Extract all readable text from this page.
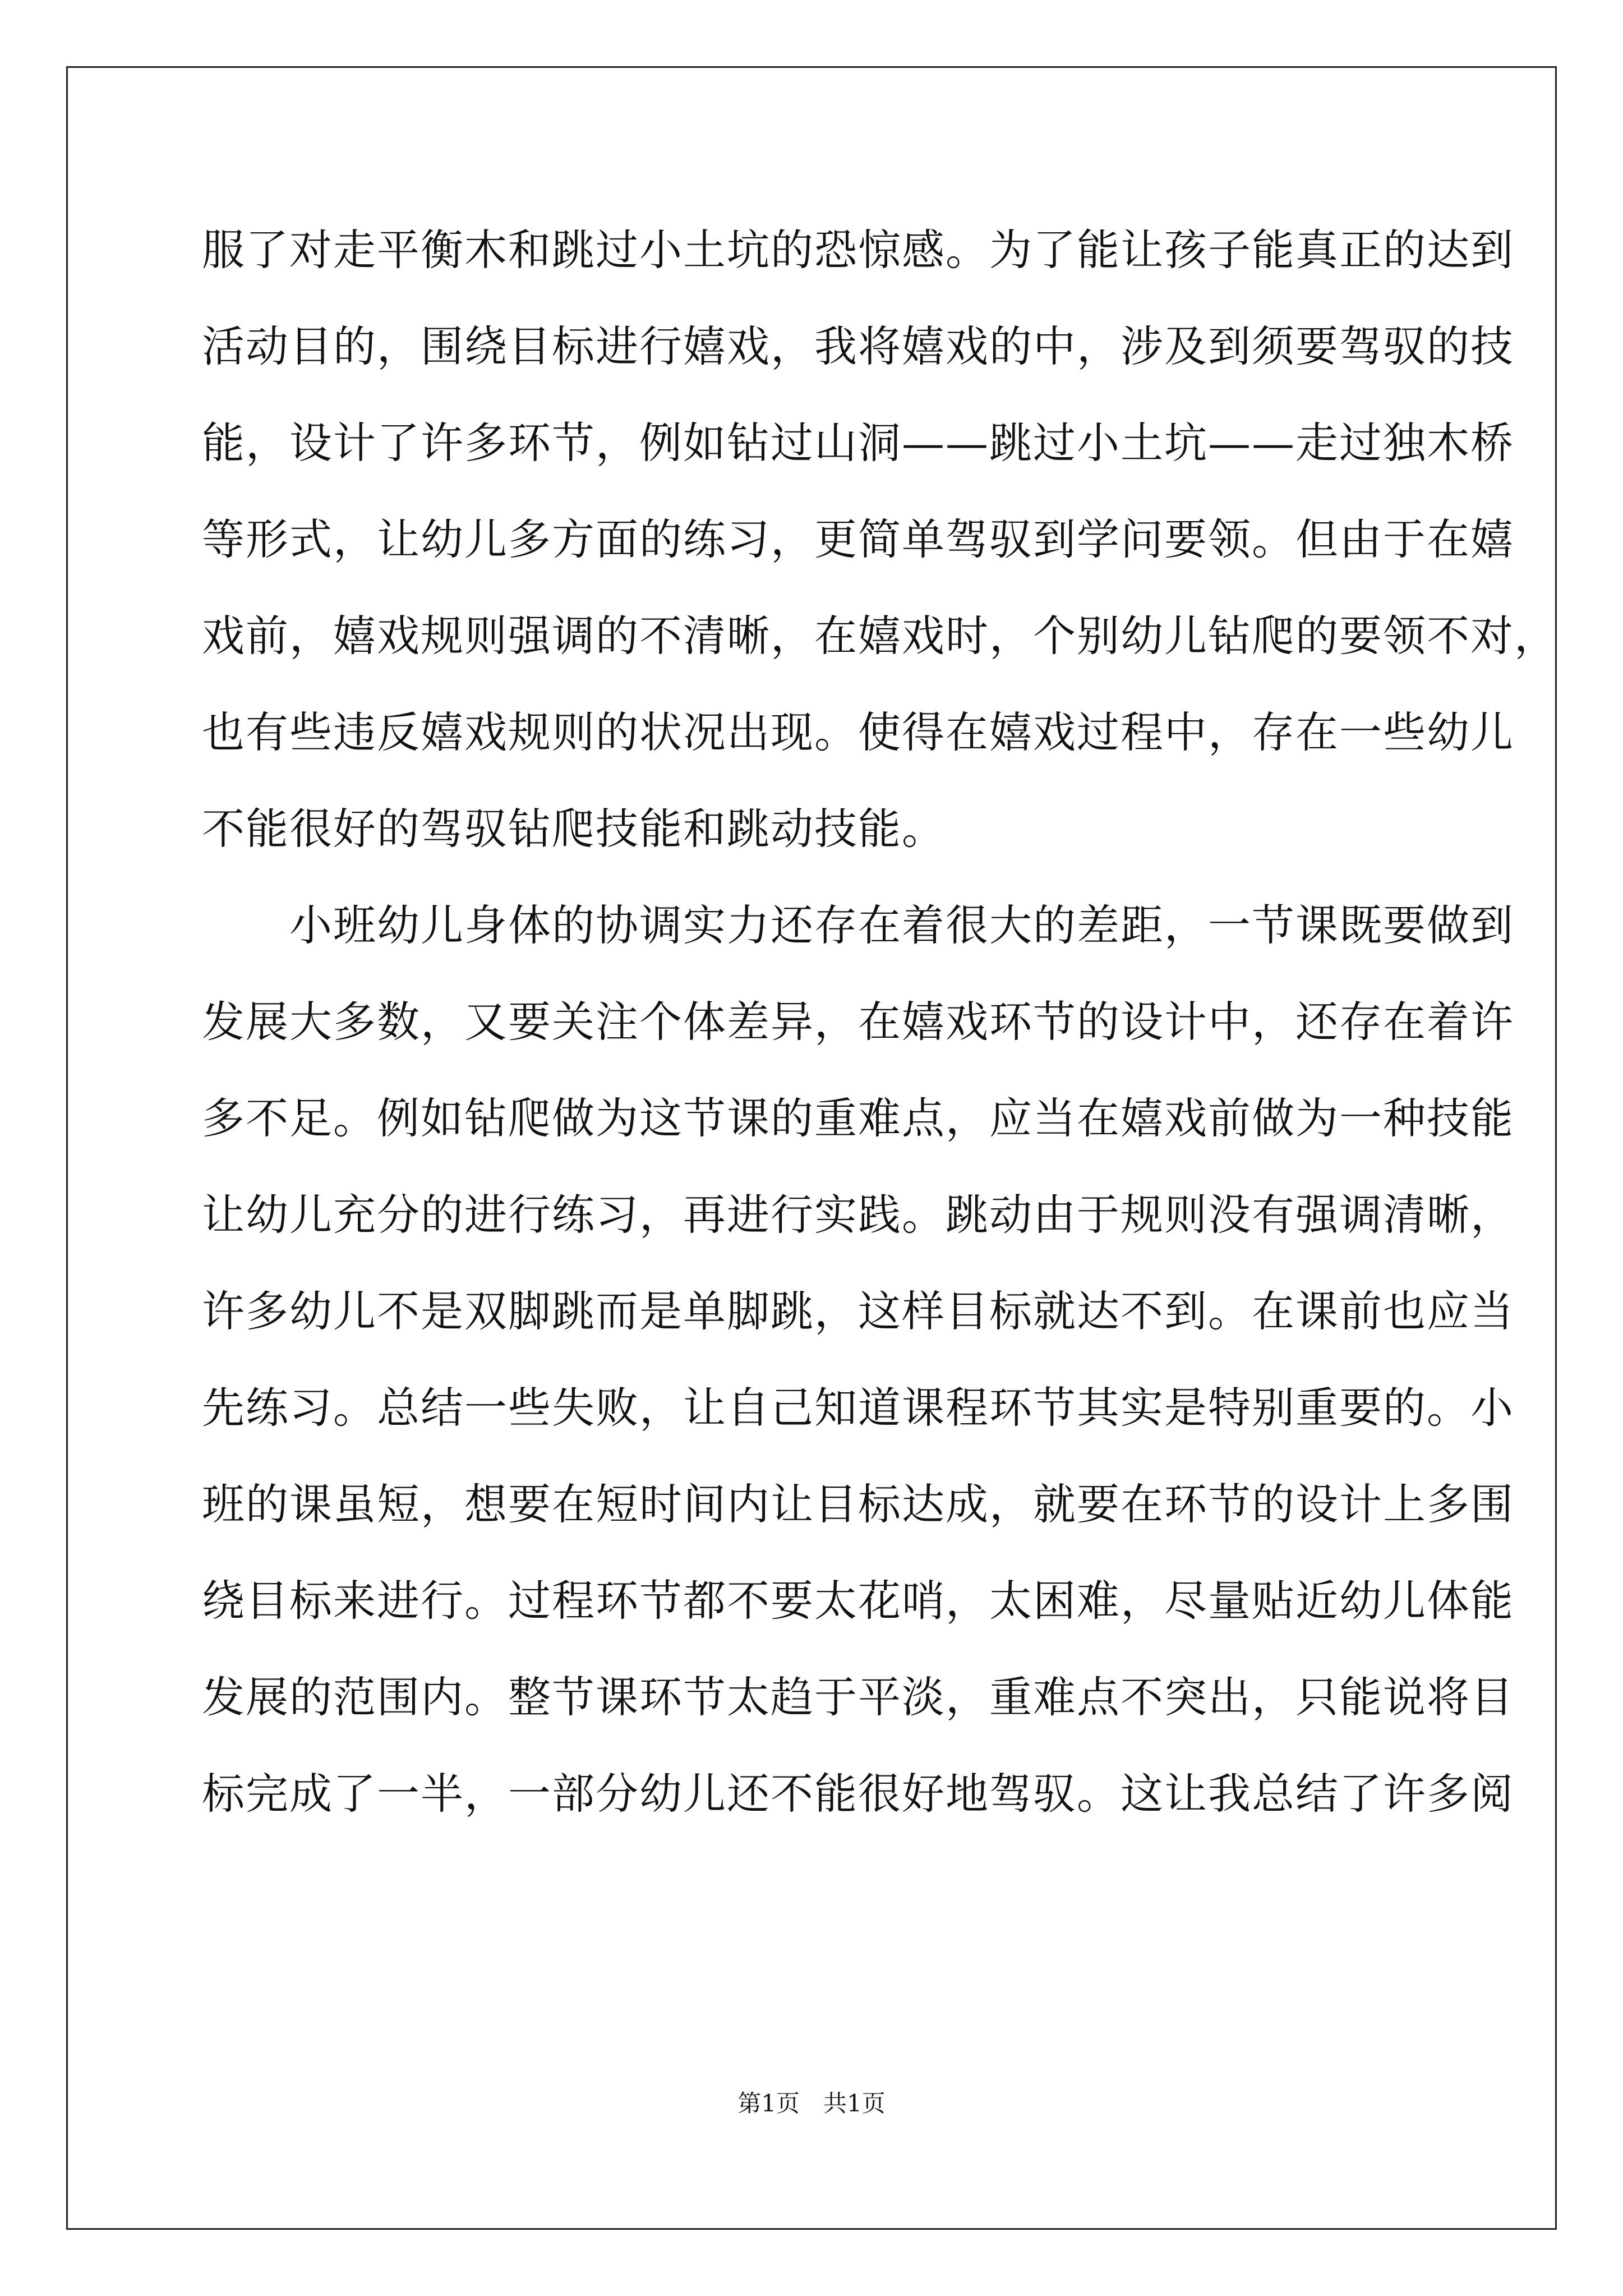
服了对走平衡木和跳过小土坑的恐惊感。为了能让孩子能真正的达到
活动目的，围绕目标进行嬉戏，我将嬉戏的中，涉及到须要驾驭的技
能，设计了许多环节，例如钻过山洞——跳过小土坑——走过独木桥
等形式，让幼儿多方面的练习，更简单驾驭到学问要领。但由于在嬉
戏前，嬉戏规则强调的不清晰，在嬉戏时，个别幼儿钻爬的要领不对，
也有些违反嬉戏规则的状况出现。使得在嬉戏过程中，存在一些幼儿
不能很好的驾驭钻爬技能和跳动技能。
　　小班幼儿身体的协调实力还存在着很大的差距，一节课既要做到
发展大多数，又要关注个体差异，在嬉戏环节的设计中，还存在着许
多不足。例如钻爬做为这节课的重难点，应当在嬉戏前做为一种技能
让幼儿充分的进行练习，再进行实践。跳动由于规则没有强调清晰，
许多幼儿不是双脚跳而是单脚跳，这样目标就达不到。在课前也应当
先练习。总结一些失败，让自己知道课程环节其实是特别重要的。小
班的课虽短，想要在短时间内让目标达成，就要在环节的设计上多围
绕目标来进行。过程环节都不要太花哨，太困难，尽量贴近幼儿体能
发展的范围内。整节课环节太趋于平淡，重难点不突出，只能说将目
标完成了一半，一部分幼儿还不能很好地驾驭。这让我总结了许多阅
第1页　共1页
